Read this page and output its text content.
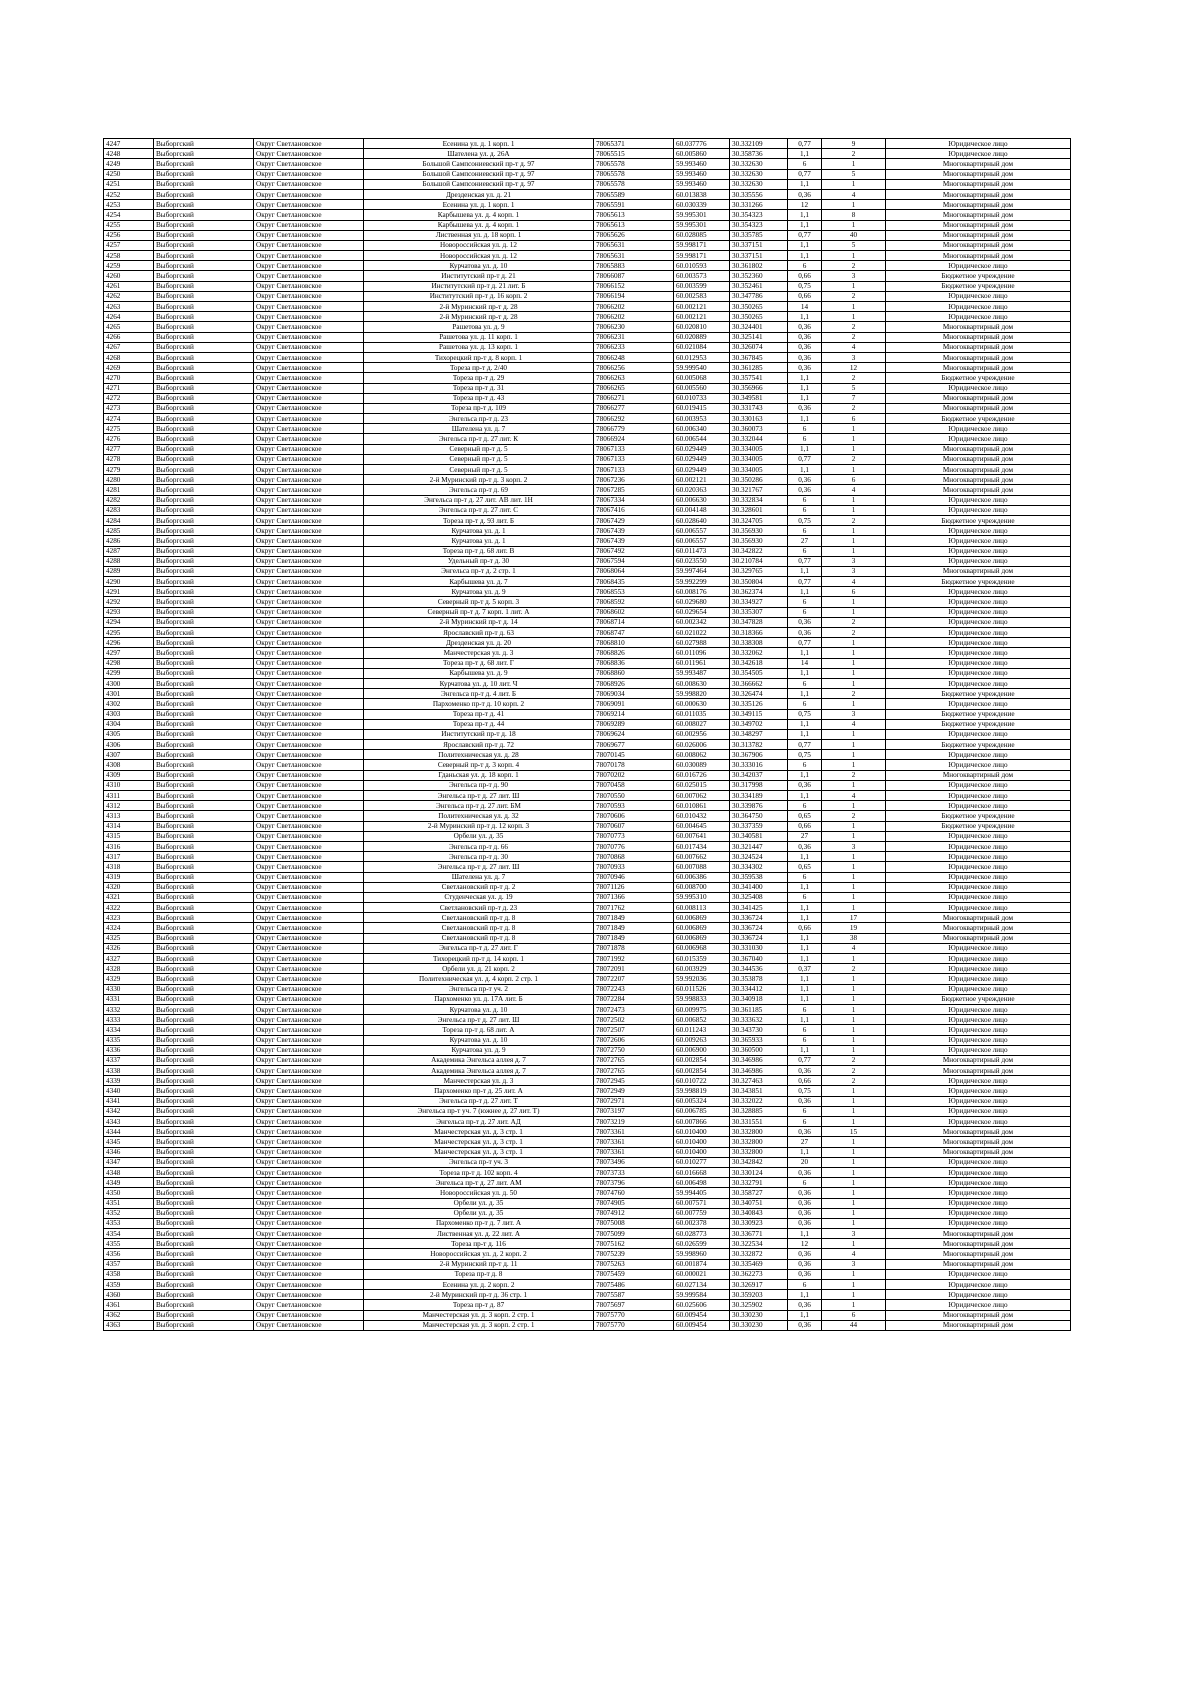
4247	Выборгский	Округ Светлановское	Есенина ул. д. 1 корп. 1	78065371	60.037776	30.332109	0,77	9	Юридическое лицо
4248	Выборгский	Округ Светлановское	Шателена ул. д. 26А	78065515	60.005860	30.358736	1,1	2	Юридическое лицо
4249	Выборгский	Округ Светлановское	Большой Сампсониевский пр-т д. 97	78065578	59.993460	30.332630	6	1	Многоквартирный дом
4250	Выборгский	Округ Светлановское	Большой Сампсониевский пр-т д. 97	78065578	59.993460	30.332630	0,77	5	Многоквартирный дом
4251	Выборгский	Округ Светлановское	Большой Сампсониевский пр-т д. 97	78065578	59.993460	30.332630	1,1	1	Многоквартирный дом
4252	Выборгский	Округ Светлановское	Дрезденская ул. д. 21	78065589	60.013838	30.335556	0,36	4	Многоквартирный дом
4253	Выборгский	Округ Светлановское	Есенина ул. д. 1 корп. 1	78065591	60.030339	30.331266	12	1	Многоквартирный дом
4254	Выборгский	Округ Светлановское	Карбышева ул. д. 4 корп. 1	78065613	59.995301	30.354323	1,1	8	Многоквартирный дом
4255	Выборгский	Округ Светлановское	Карбышева ул. д. 4 корп. 1	78065613	59.995301	30.354323	1,1	1	Многоквартирный дом
4256	Выборгский	Округ Светлановское	Лиственная ул. д. 18 корп. 1	78065626	60.028085	30.335785	0,77	40	Многоквартирный дом
4257	Выборгский	Округ Светлановское	Новороссийская ул. д. 12	78065631	59.998171	30.337151	1,1	5	Многоквартирный дом
4258	Выборгский	Округ Светлановское	Новороссийская ул. д. 12	78065631	59.998171	30.337151	1,1	1	Многоквартирный дом
4259	Выборгский	Округ Светлановское	Курчатова ул. д. 10	78065883	60.010593	30.361802	6	2	Юридическое лицо
4260	Выборгский	Округ Светлановское	Институтский пр-т д. 21	78066087	60.003573	30.352360	0,66	3	Бюджетное учреждение
4261	Выборгский	Округ Светлановское	Институтский пр-т д. 21 лит. Б	78066152	60.003599	30.352461	0,75	1	Бюджетное учреждение
4262	Выборгский	Округ Светлановское	Институтский пр-т д. 16 корп. 2	78066194	60.002583	30.347786	0,66	2	Юридическое лицо
4263	Выборгский	Округ Светлановское	2-й Муринский пр-т д. 28	78066202	60.002121	30.350265	14	1	Юридическое лицо
4264	Выборгский	Округ Светлановское	2-й Муринский пр-т д. 28	78066202	60.002121	30.350265	1,1	1	Юридическое лицо
4265	Выборгский	Округ Светлановское	Рашетова ул. д. 9	78066230	60.020810	30.324401	0,36	2	Многоквартирный дом
4266	Выборгский	Округ Светлановское	Рашетова ул. д. 11 корп. 1	78066231	60.020889	30.325141	0,36	2	Многоквартирный дом
4267	Выборгский	Округ Светлановское	Рашетова ул. д. 13 корп. 1	78066233	60.021084	30.326074	0,36	4	Многоквартирный дом
4268	Выборгский	Округ Светлановское	Тихорецкий пр-т д. 8 корп. 1	78066248	60.012953	30.367845	0,36	3	Многоквартирный дом
4269	Выборгский	Округ Светлановское	Тореза пр-т д. 2/40	78066256	59.999540	30.361285	0,36	12	Многоквартирный дом
4270	Выборгский	Округ Светлановское	Тореза пр-т д. 29	78066263	60.005068	30.357541	1,1	2	Бюджетное учреждение
4271	Выборгский	Округ Светлановское	Тореза пр-т д. 31	78066265	60.005560	30.356966	1,1	5	Юридическое лицо
4272	Выборгский	Округ Светлановское	Тореза пр-т д. 43	78066271	60.010733	30.349581	1,1	7	Многоквартирный дом
4273	Выборгский	Округ Светлановское	Тореза пр-т д. 109	78066277	60.019415	30.331743	0,36	2	Многоквартирный дом
4274	Выборгский	Округ Светлановское	Энгельса пр-т д. 23	78066292	60.003953	30.330163	1,1	6	Бюджетное учреждение
4275	Выборгский	Округ Светлановское	Шателена ул. д. 7	78066779	60.006340	30.360073	6	1	Юридическое лицо
4276	Выборгский	Округ Светлановское	Энгельса пр-т д. 27 лит. К	78066924	60.006544	30.332044	6	1	Юридическое лицо
4277	Выборгский	Округ Светлановское	Северный пр-т д. 5	78067133	60.029449	30.334005	1,1	1	Многоквартирный дом
4278	Выборгский	Округ Светлановское	Северный пр-т д. 5	78067133	60.029449	30.334005	0,77	2	Многоквартирный дом
4279	Выборгский	Округ Светлановское	Северный пр-т д. 5	78067133	60.029449	30.334005	1,1	1	Многоквартирный дом
4280	Выборгский	Округ Светлановское	2-й Муринский пр-т д. 3 корп. 2	78067236	60.002121	30.350286	0,36	6	Многоквартирный дом
4281	Выборгский	Округ Светлановское	Энгельса пр-т д. 69	78067285	60.020363	30.321767	0,36	4	Многоквартирный дом
4282	Выборгский	Округ Светлановское	Энгельса пр-т д. 27 лит. АВ лит. 1Н	78067334	60.006630	30.332834	6	1	Юридическое лицо
4283	Выборгский	Округ Светлановское	Энгельса пр-т д. 27 лит. С	78067416	60.004148	30.328601	6	1	Юридическое лицо
4284	Выборгский	Округ Светлановское	Тореза пр-т д. 93 лит. Б	78067429	60.028640	30.324705	0,75	2	Бюджетное учреждение
4285	Выборгский	Округ Светлановское	Курчатова ул. д. 1	78067439	60.006557	30.356930	6	1	Юридическое лицо
4286	Выборгский	Округ Светлановское	Курчатова ул. д. 1	78067439	60.006557	30.356930	27	1	Юридическое лицо
4287	Выборгский	Округ Светлановское	Тореза пр-т д. 68 лит. В	78067492	60.011473	30.342822	6	1	Юридическое лицо
4288	Выборгский	Округ Светлановское	Удельный пр-т д. 30	78067594	60.023550	30.210784	0,77	3	Юридическое лицо
4289	Выборгский	Округ Светлановское	Энгельса пр-т д. 2 стр. 1	78068064	59.997464	30.329765	1,1	3	Многоквартирный дом
4290	Выборгский	Округ Светлановское	Карбышева ул. д. 7	78068435	59.992299	30.350804	0,77	4	Бюджетное учреждение
4291	Выборгский	Округ Светлановское	Курчатова ул. д. 9	78068553	60.008176	30.362374	1,1	6	Юридическое лицо
4292	Выборгский	Округ Светлановское	Северный пр-т д. 5 корп. 3	78068592	60.029680	30.334927	6	1	Юридическое лицо
4293	Выборгский	Округ Светлановское	Северный пр-т д. 7 корп. 1 лит. А	78068602	60.029654	30.335307	6	1	Юридическое лицо
4294	Выборгский	Округ Светлановское	2-й Муринский пр-т д. 14	78068714	60.002342	30.347828	0,36	2	Юридическое лицо
4295	Выборгский	Округ Светлановское	Ярославский пр-т д. 63	78068747	60.021022	30.318366	0,36	2	Юридическое лицо
4296	Выборгский	Округ Светлановское	Дрезденская ул. д. 20	78068810	60.027988	30.338308	0,77	1	Юридическое лицо
4297	Выборгский	Округ Светлановское	Манчестерская ул. д. 3	78068826	60.011096	30.332062	1,1	1	Юридическое лицо
4298	Выборгский	Округ Светлановское	Тореза пр-т д. 68 лит. Г	78068836	60.011961	30.342618	14	1	Юридическое лицо
4299	Выборгский	Округ Светлановское	Карбышева ул. д. 9	78068860	59.993487	30.354505	1,1	1	Юридическое лицо
4300	Выборгский	Округ Светлановское	Курчатова ул. д. 10 лит. Ч	78068926	60.008630	30.366662	6	1	Юридическое лицо
4301	Выборгский	Округ Светлановское	Энгельса пр-т д. 4 лит. Б	78069034	59.998820	30.326474	1,1	2	Бюджетное учреждение
4302	Выборгский	Округ Светлановское	Пархоменко пр-т д. 10 корп. 2	78069091	60.000630	30.335126	6	1	Юридическое лицо
4303	Выборгский	Округ Светлановское	Тореза пр-т д. 41	78069214	60.011035	30.349115	0,75	3	Бюджетное учреждение
4304	Выборгский	Округ Светлановское	Тореза пр-т д. 44	78069289	60.008027	30.349702	1,1	4	Бюджетное учреждение
4305	Выборгский	Округ Светлановское	Институтский пр-т д. 18	78069624	60.002956	30.348297	1,1	1	Юридическое лицо
4306	Выборгский	Округ Светлановское	Ярославский пр-т д. 72	78069677	60.026006	30.313782	0,77	1	Бюджетное учреждение
4307	Выборгский	Округ Светлановское	Политехническая ул. д. 28	78070145	60.008062	30.367906	0,75	1	Юридическое лицо
4308	Выборгский	Округ Светлановское	Северный пр-т д. 3 корп. 4	78070178	60.030089	30.333016	6	1	Юридическое лицо
4309	Выборгский	Округ Светлановское	Гданьская ул. д. 18 корп. 1	78070202	60.016726	30.342037	1,1	2	Многоквартирный дом
4310	Выборгский	Округ Светлановское	Энгельса пр-т д. 90	78070458	60.025015	30.317998	0,36	1	Юридическое лицо
4311	Выборгский	Округ Светлановское	Энгельса пр-т д. 27 лит. Ш	78070550	60.007062	30.334189	1,1	4	Юридическое лицо
4312	Выборгский	Округ Светлановское	Энгельса пр-т д. 27 лит. БМ	78070593	60.010861	30.339876	6	1	Юридическое лицо
4313	Выборгский	Округ Светлановское	Политехническая ул. д. 32	78070606	60.010432	30.364750	0,65	2	Бюджетное учреждение
4314	Выборгский	Округ Светлановское	2-й Муринский пр-т д. 12 корп. 3	78070607	60.004645	30.337359	0,66	1	Бюджетное учреждение
4315	Выборгский	Округ Светлановское	Орбели ул. д. 35	78070773	60.007641	30.340581	27	1	Юридическое лицо
4316	Выборгский	Округ Светлановское	Энгельса пр-т д. 66	78070776	60.017434	30.321447	0,36	3	Юридическое лицо
4317	Выборгский	Округ Светлановское	Энгельса пр-т д. 30	78070868	60.007662	30.324524	1,1	1	Юридическое лицо
4318	Выборгский	Округ Светлановское	Энгельса пр-т д. 27 лит. Ш	78070933	60.007088	30.334302	0,65	1	Юридическое лицо
4319	Выборгский	Округ Светлановское	Шателена ул. д. 7	78070946	60.006386	30.359538	6	1	Юридическое лицо
4320	Выборгский	Округ Светлановское	Светлановский пр-т д. 2	78071126	60.008700	30.341400	1,1	1	Юридическое лицо
4321	Выборгский	Округ Светлановское	Студенческая ул. д. 19	78071366	59.995310	30.325408	6	1	Юридическое лицо
4322	Выборгский	Округ Светлановское	Светлановский пр-т д. 23	78071762	60.008113	30.341425	1,1	1	Юридическое лицо
4323	Выборгский	Округ Светлановское	Светлановский пр-т д. 8	78071849	60.006869	30.336724	1,1	17	Многоквартирный дом
4324	Выборгский	Округ Светлановское	Светлановский пр-т д. 8	78071849	60.006869	30.336724	0,66	19	Многоквартирный дом
4325	Выборгский	Округ Светлановское	Светлановский пр-т д. 8	78071849	60.006869	30.336724	1,1	38	Многоквартирный дом
4326	Выборгский	Округ Светлановское	Энгельса пр-т д. 27 лит. Г	78071878	60.006968	30.331030	1,1	4	Юридическое лицо
4327	Выборгский	Округ Светлановское	Тихорецкий пр-т д. 14 корп. 1	78071992	60.015359	30.367040	1,1	1	Юридическое лицо
4328	Выборгский	Округ Светлановское	Орбели ул. д. 21 корп. 2	78072091	60.003929	30.344536	0,37	2	Юридическое лицо
4329	Выборгский	Округ Светлановское	Политехническая ул. д. 4 корп. 2 стр. 1	78072207	59.992036	30.353878	1,1	1	Юридическое лицо
4330	Выборгский	Округ Светлановское	Энгельса пр-т уч. 2	78072243	60.011526	30.334412	1,1	1	Юридическое лицо
4331	Выборгский	Округ Светлановское	Пархоменко ул. д. 17А лит. Б	78072284	59.998833	30.340918	1,1	1	Бюджетное учреждение
4332	Выборгский	Округ Светлановское	Курчатова ул. д. 10	78072473	60.009975	30.361185	6	1	Юридическое лицо
4333	Выборгский	Округ Светлановское	Энгельса пр-т д. 27 лит. Ш	78072502	60.006852	30.333632	1,1	1	Юридическое лицо
4334	Выборгский	Округ Светлановское	Тореза пр-т д. 68 лит. А	78072507	60.011243	30.343730	6	1	Юридическое лицо
4335	Выборгский	Округ Светлановское	Курчатова ул. д. 10	78072606	60.009263	30.365933	6	1	Юридическое лицо
4336	Выборгский	Округ Светлановское	Курчатова ул. д. 9	78072750	60.006900	30.360500	1,1	1	Юридическое лицо
4337	Выборгский	Округ Светлановское	Академика Энгельса аллея д. 7	78072765	60.002854	30.346986	0,77	2	Многоквартирный дом
4338	Выборгский	Округ Светлановское	Академика Энгельса аллея д. 7	78072765	60.002854	30.346986	0,36	2	Многоквартирный дом
4339	Выборгский	Округ Светлановское	Манчестерская ул. д. 3	78072945	60.010722	30.327463	0,66	2	Юридическое лицо
4340	Выборгский	Округ Светлановское	Пархоменко пр-т д. 25 лит. А	78072949	59.998819	30.343851	0,75	1	Юридическое лицо
4341	Выборгский	Округ Светлановское	Энгельса пр-т д. 27 лит. Т	78072971	60.005324	30.332022	0,36	1	Юридическое лицо
4342	Выборгский	Округ Светлановское	Энгельса пр-т уч. 7 (южнее д. 27 лит. Т)	78073197	60.006785	30.328885	6	1	Юридическое лицо
4343	Выборгский	Округ Светлановское	Энгельса пр-т д. 27 лит. АД	78073219	60.007866	30.331551	6	1	Юридическое лицо
4344	Выборгский	Округ Светлановское	Манчестерская ул. д. 3 стр. 1	78073361	60.010400	30.332800	0,36	15	Многоквартирный дом
4345	Выборгский	Округ Светлановское	Манчестерская ул. д. 3 стр. 1	78073361	60.010400	30.332800	27	1	Многоквартирный дом
4346	Выборгский	Округ Светлановское	Манчестерская ул. д. 3 стр. 1	78073361	60.010400	30.332800	1,1	1	Многоквартирный дом
4347	Выборгский	Округ Светлановское	Энгельса пр-т уч. 3	78073496	60.010277	30.342842	20	1	Юридическое лицо
4348	Выборгский	Округ Светлановское	Тореза пр-т д. 102 корп. 4	78073733	60.016668	30.330124	0,36	1	Юридическое лицо
4349	Выборгский	Округ Светлановское	Энгельса пр-т д. 27 лит. АМ	78073796	60.006498	30.332791	6	1	Юридическое лицо
4350	Выборгский	Округ Светлановское	Новороссийская ул. д. 50	78074760	59.994405	30.358727	0,36	1	Юридическое лицо
4351	Выборгский	Округ Светлановское	Орбели ул. д. 35	78074905	60.007571	30.340751	0,36	1	Юридическое лицо
4352	Выборгский	Округ Светлановское	Орбели ул. д. 35	78074912	60.007759	30.340843	0,36	1	Юридическое лицо
4353	Выборгский	Округ Светлановское	Пархоменко пр-т д. 7 лит. А	78075008	60.002378	30.330923	0,36	1	Юридическое лицо
4354	Выборгский	Округ Светлановское	Лиственная ул. д. 22 лит. А	78075099	60.028773	30.336771	1,1	3	Многоквартирный дом
4355	Выборгский	Округ Светлановское	Тореза пр-т д. 116	78075162	60.026599	30.322534	12	1	Многоквартирный дом
4356	Выборгский	Округ Светлановское	Новороссийская ул. д. 2 корп. 2	78075239	59.998960	30.332872	0,36	4	Многоквартирный дом
4357	Выборгский	Округ Светлановское	2-й Муринский пр-т д. 11	78075263	60.001874	30.335469	0,36	3	Многоквартирный дом
4358	Выборгский	Округ Светлановское	Тореза пр-т д. 8	78075459	60.000021	30.362273	0,36	1	Юридическое лицо
4359	Выборгский	Округ Светлановское	Есенина ул. д. 2 корп. 2	78075486	60.027134	30.326917	6	1	Юридическое лицо
4360	Выборгский	Округ Светлановское	2-й Муринский пр-т д. 36 стр. 1	78075587	59.999584	30.359203	1,1	1	Юридическое лицо
4361	Выборгский	Округ Светлановское	Тореза пр-т д. 87	78075697	60.025606	30.325902	0,36	1	Юридическое лицо
4362	Выборгский	Округ Светлановское	Манчестерская ул. д. 3 корп. 2 стр. 1	78075770	60.009454	30.330230	1,1	6	Многоквартирный дом
4363	Выборгский	Округ Светлановское	Манчестерская ул. д. 3 корп. 2 стр. 1	78075770	60.009454	30.330230	0,36	44	Многоквартирный дом
